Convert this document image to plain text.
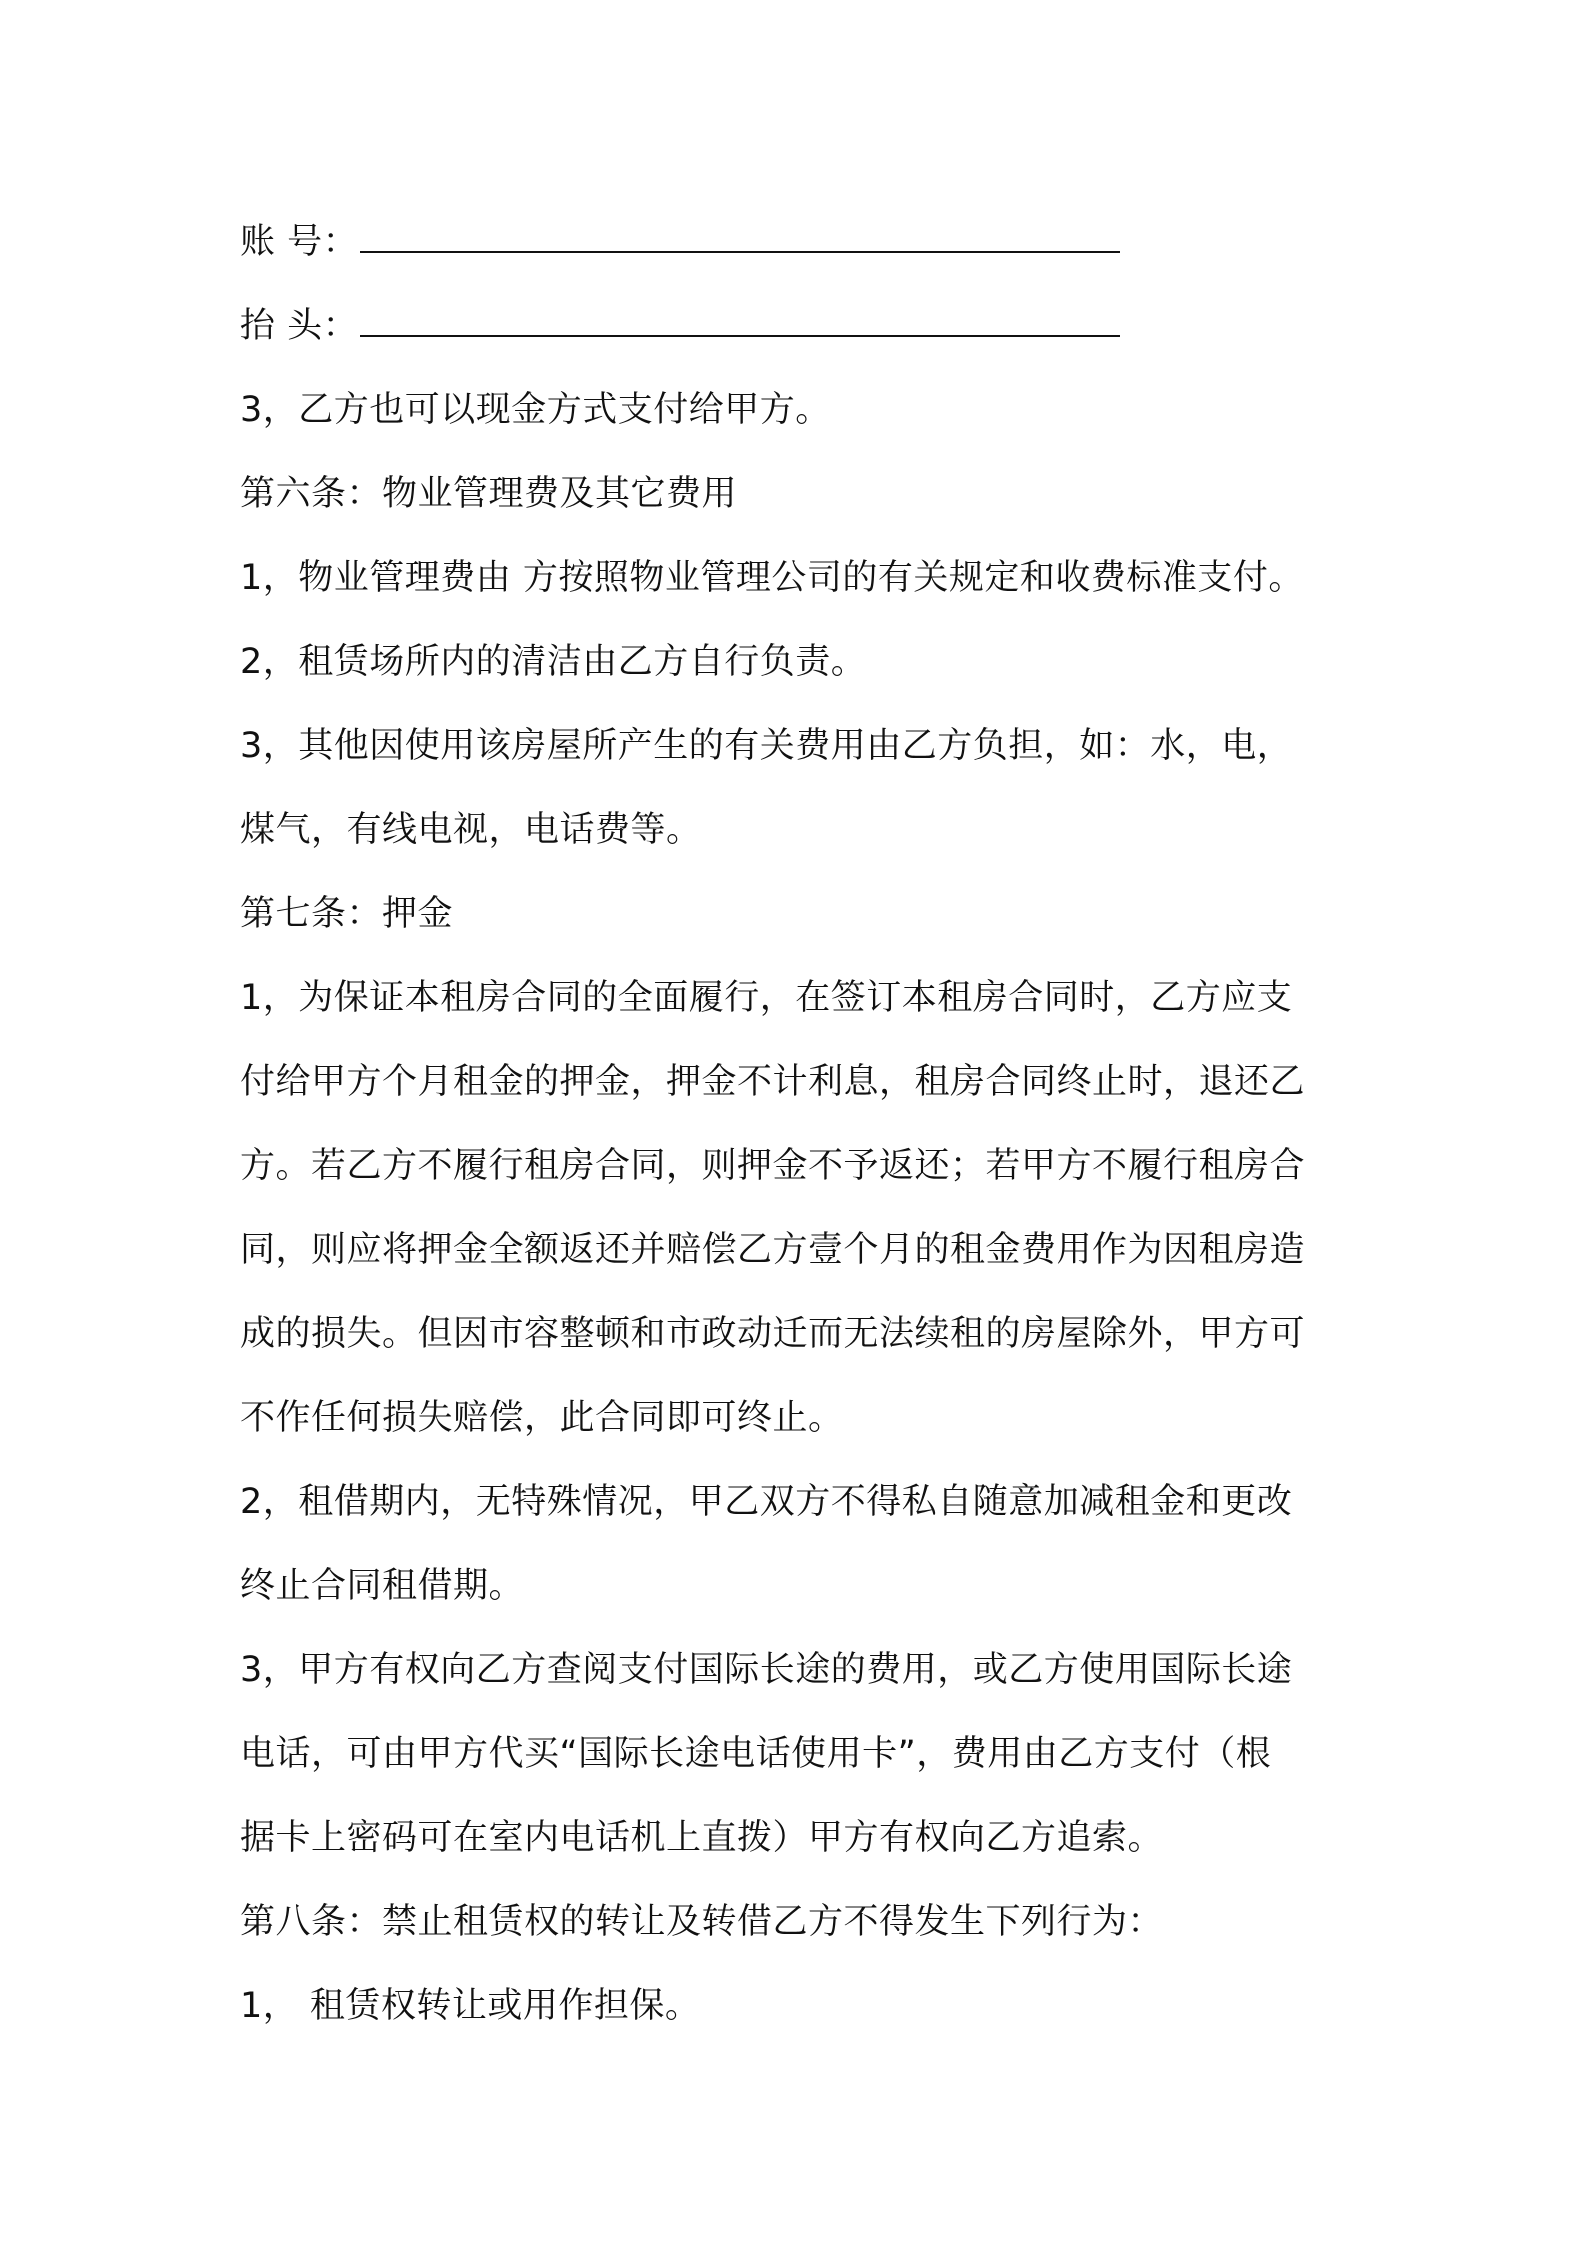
账 号：
抬 头：
3，乙方也可以现金方式支付给甲方。
第六条：物业管理费及其它费用
1，物业管理费由 方按照物业管理公司的有关规定和收费标准支付。
2，租赁场所内的清洁由乙方自行负责。
3，其他因使用该房屋所产生的有关费用由乙方负担，如：水，电，
煤气，有线电视，电话费等。
第七条：押金
1，为保证本租房合同的全面履行，在签订本租房合同时，乙方应支
付给甲方个月租金的押金，押金不计利息，租房合同终止时，退还乙
方。若乙方不履行租房合同，则押金不予返还；若甲方不履行租房合
同，则应将押金全额返还并赔偿乙方壹个月的租金费用作为因租房造
成的损失。但因市容整顿和市政动迁而无法续租的房屋除外，甲方可
不作任何损失赔偿，此合同即可终止。
2，租借期内，无特殊情况，甲乙双方不得私自随意加减租金和更改
终止合同租借期。
3，甲方有权向乙方查阅支付国际长途的费用，或乙方使用国际长途
电话，可由甲方代买“国际长途电话使用卡”，费用由乙方支付（根
据卡上密码可在室内电话机上直拨）甲方有权向乙方追索。
第八条：禁止租赁权的转让及转借乙方不得发生下列行为：
1， 租赁权转让或用作担保。
